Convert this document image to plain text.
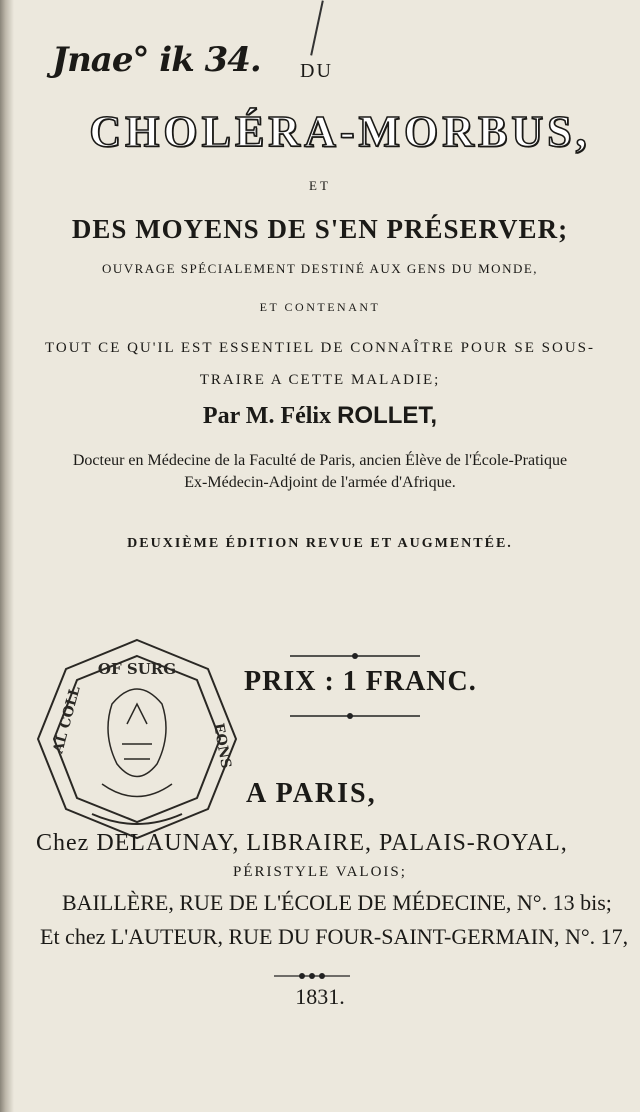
Jnae° ik 34. DU
CHOLÉRA-MORBUS,
ET
DES MOYENS DE S'EN PRÉSERVER;
OUVRAGE SPÉCIALEMENT DESTINÉ AUX GENS DU MONDE,
ET CONTENANT
TOUT CE QU'IL EST ESSENTIEL DE CONNAÎTRE POUR SE SOUS-
TRAIRE A CETTE MALADIE;
Par M. Félix ROLLET,
Docteur en Médecine de la Faculté de Paris, ancien Élève de l'École-Pratique
Ex-Médecin-Adjoint de l'armée d'Afrique.
DEUXIÈME ÉDITION REVUE ET AUGMENTÉE.
OF SURG
AL COLL	EONS
PRIX : 1 FRANC.
A PARIS,
Chez DELAUNAY, LIBRAIRE, PALAIS-ROYAL,
PÉRISTYLE VALOIS;
BAILLÈRE, RUE DE L'ÉCOLE DE MÉDECINE, N°. 13 bis;
Et chez L'AUTEUR, RUE DU FOUR-SAINT-GERMAIN, N°. 17,
1831.
